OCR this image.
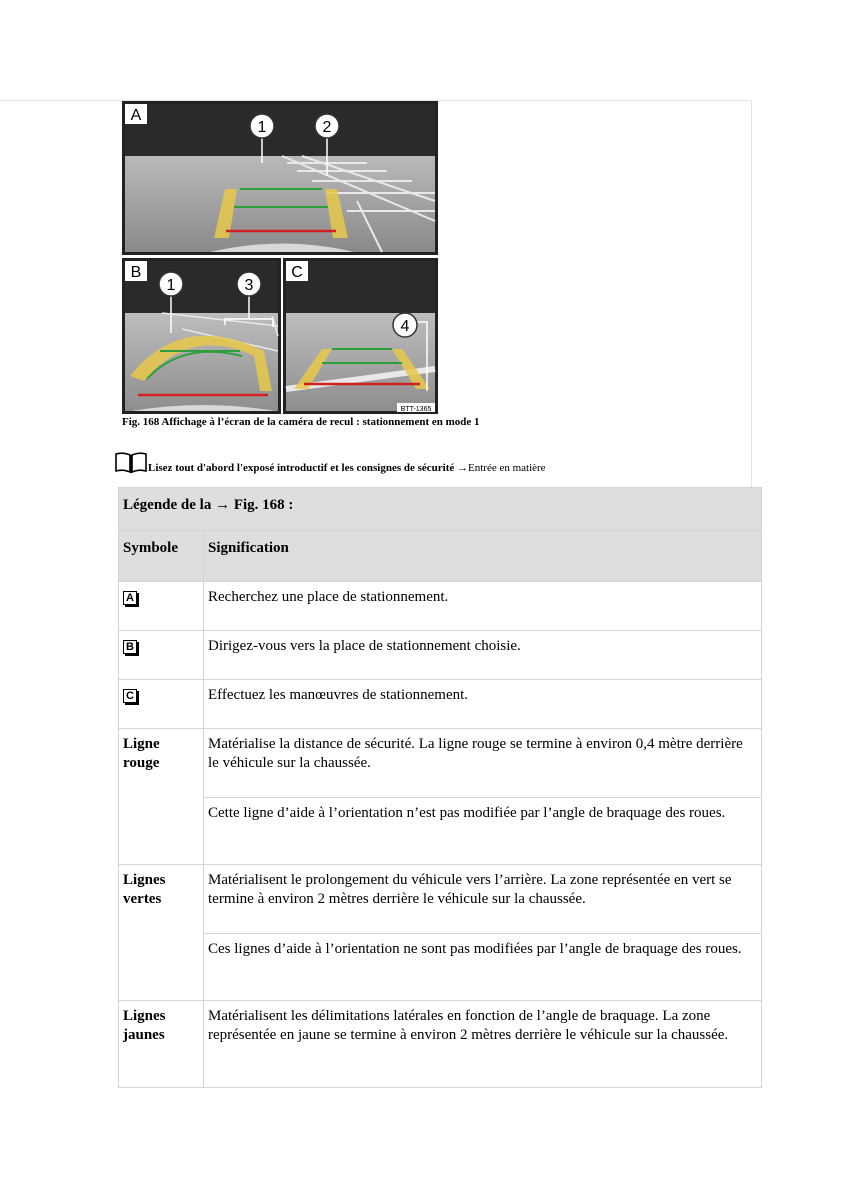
A
1	2
B
1	3
C
4
BTT-1365
Fig. 168 Affichage à l’écran de la caméra de recul : stationnement en mode 1
Lisez tout d'abord l'exposé introductif et les consignes de sécurité →Entrée en matière
Légende de la → Fig. 168 :	
Symbole	Signification
A	Recherchez une place de stationnement.
B	Dirigez-vous vers la place de stationnement choisie.
C	Effectuez les manœuvres de stationnement.
Ligne rouge	Matérialise la distance de sécurité. La ligne rouge se termine à environ 0,4 mètre derrière le véhicule sur la chaussée.
	Cette ligne d’aide à l’orientation n’est pas modifiée par l’angle de braquage des roues.
Lignes vertes	Matérialisent le prolongement du véhicule vers l’arrière. La zone représentée en vert se termine à environ 2 mètres derrière le véhicule sur la chaussée.
	Ces lignes d’aide à l’orientation ne sont pas modifiées par l’angle de braquage des roues.
Lignes jaunes	Matérialisent les délimitations latérales en fonction de l’angle de braquage. La zone représentée en jaune se termine à environ 2 mètres derrière le véhicule sur la chaussée.
